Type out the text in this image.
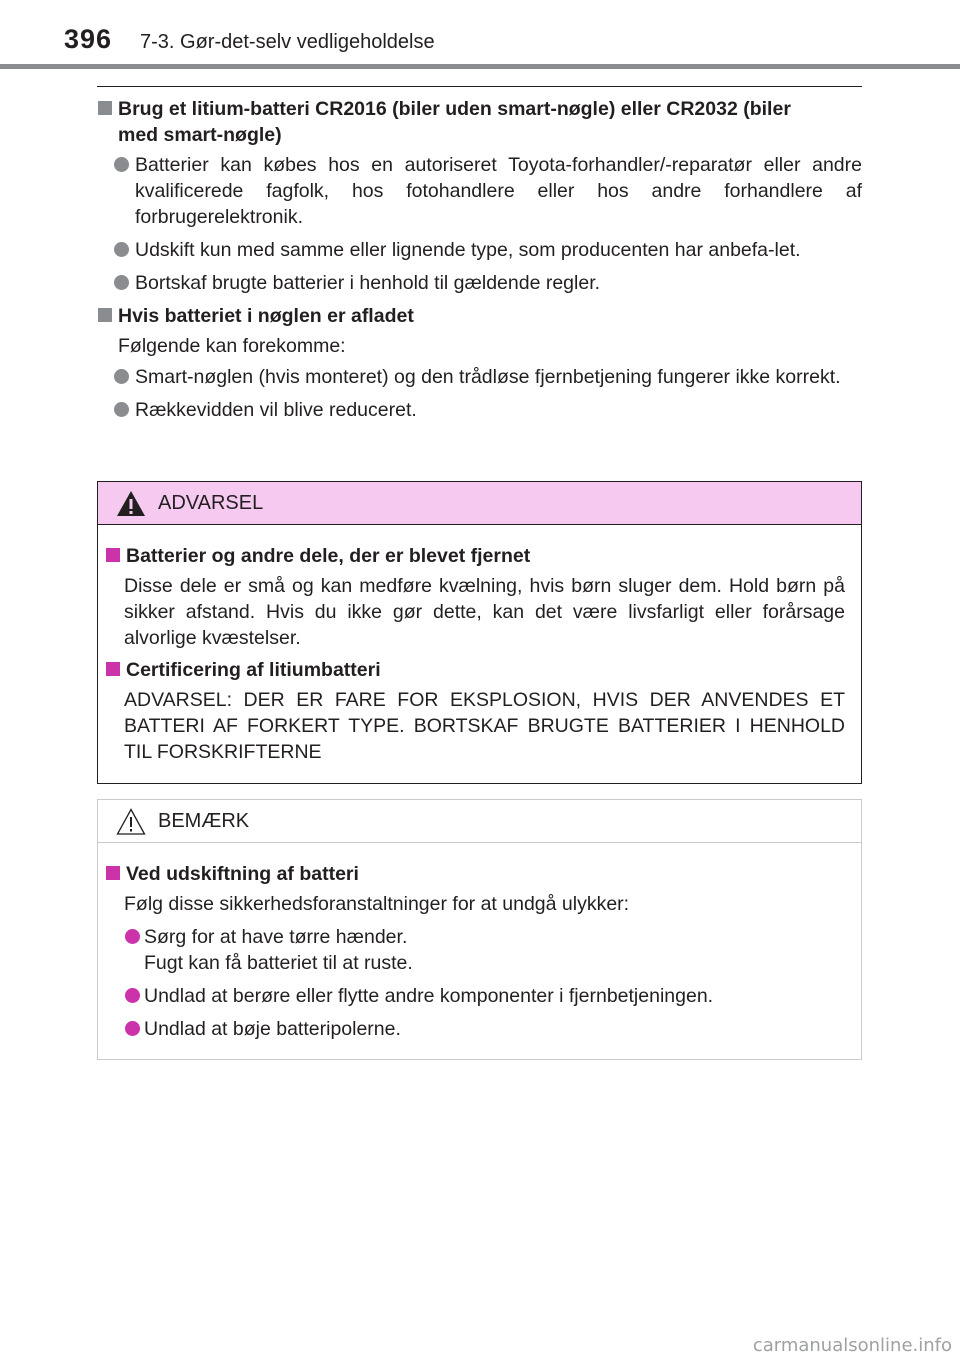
396 7-3. Gør-det-selv vedligeholdelse
Brug et litium-batteri CR2016 (biler uden smart-nøgle) eller CR2032 (biler
med smart-nøgle)
Batterier kan købes hos en autoriseret Toyota-forhandler/-reparatør eller andre kvalificerede fagfolk, hos fotohandlere eller hos andre forhandlere af forbrugerelektronik.
Udskift kun med samme eller lignende type, som producenten har anbefa-let.
Bortskaf brugte batterier i henhold til gældende regler.
Hvis batteriet i nøglen er afladet
Følgende kan forekomme:
Smart-nøglen (hvis monteret) og den trådløse fjernbetjening fungerer ikke korrekt.
Rækkevidden vil blive reduceret.
ADVARSEL
Batterier og andre dele, der er blevet fjernet
Disse dele er små og kan medføre kvælning, hvis børn sluger dem. Hold børn på sikker afstand. Hvis du ikke gør dette, kan det være livsfarligt eller forårsage alvorlige kvæstelser.
Certificering af litiumbatteri
ADVARSEL: DER ER FARE FOR EKSPLOSION, HVIS DER ANVENDES ET BATTERI AF FORKERT TYPE. BORTSKAF BRUGTE BATTERIER I HENHOLD TIL FORSKRIFTERNE
BEMÆRK
Ved udskiftning af batteri
Følg disse sikkerhedsforanstaltninger for at undgå ulykker:
Sørg for at have tørre hænder.
Fugt kan få batteriet til at ruste.
Undlad at berøre eller flytte andre komponenter i fjernbetjeningen.
Undlad at bøje batteripolerne.
carmanualsonline.info
